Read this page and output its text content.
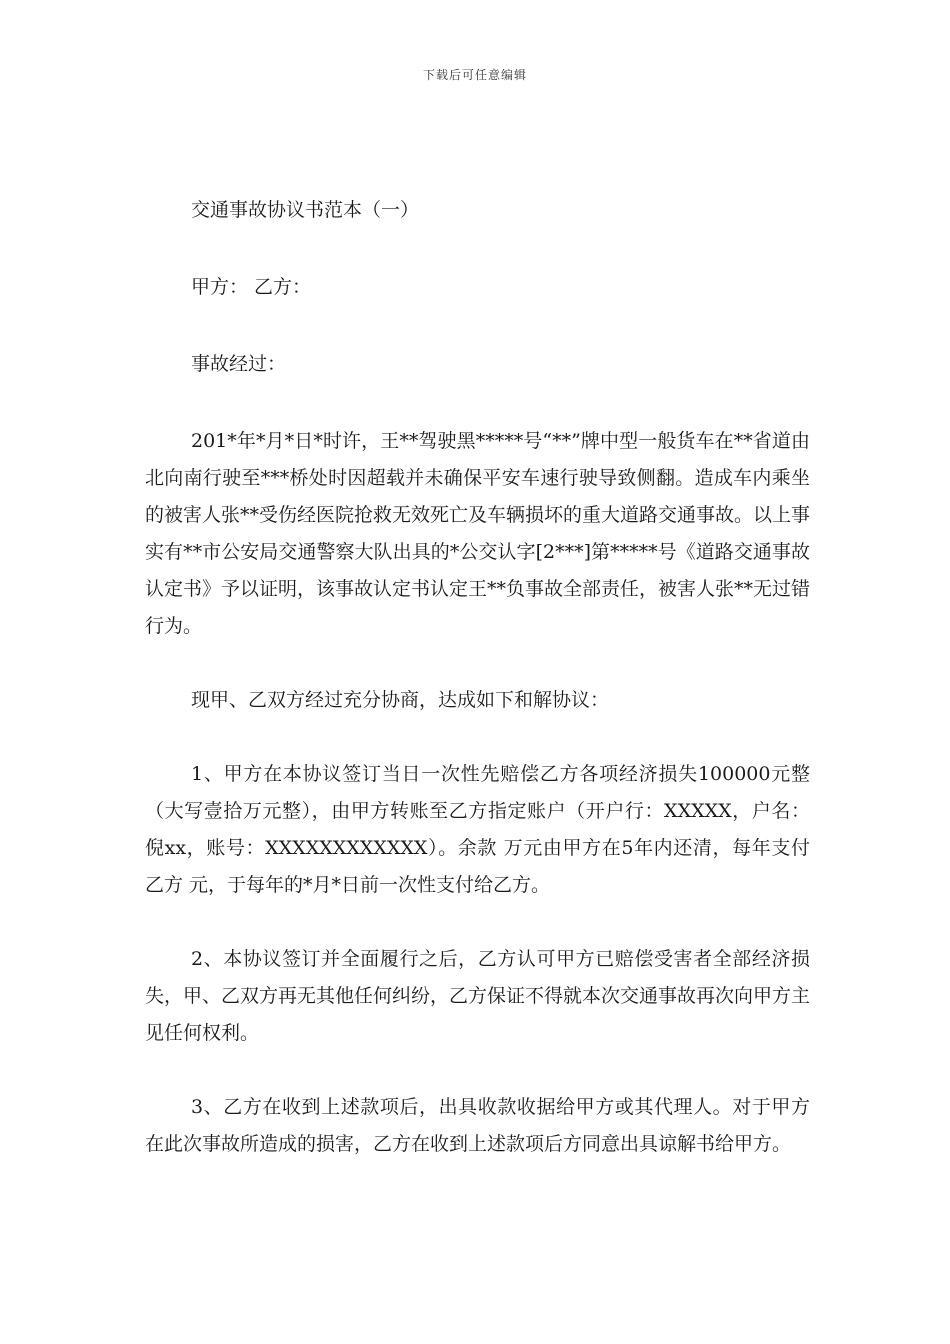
下载后可任意编辑

交通事故协议书范本（一）

甲方： 乙方：

事故经过：

201*年*月*日*时许，王**驾驶黑*****号“**”牌中型一般货车在**省道由北向南行驶至***桥处时因超载并未确保平安车速行驶导致侧翻。造成车内乘坐的被害人张**受伤经医院抢救无效死亡及车辆损坏的重大道路交通事故。以上事实有**市公安局交通警察大队出具的*公交认字[2***]第*****号《道路交通事故认定书》予以证明，该事故认定书认定王**负事故全部责任，被害人张**无过错行为。

现甲、乙双方经过充分协商，达成如下和解协议：

1、甲方在本协议签订当日一次性先赔偿乙方各项经济损失100000元整（大写壹拾万元整），由甲方转账至乙方指定账户（开户行：XXXXX，户名：倪xx，账号：XXXXXXXXXXXX）。余款 万元由甲方在5年内还清，每年支付乙方 元，于每年的*月*日前一次性支付给乙方。

2、本协议签订并全面履行之后，乙方认可甲方已赔偿受害者全部经济损失，甲、乙双方再无其他任何纠纷，乙方保证不得就本次交通事故再次向甲方主见任何权利。

3、乙方在收到上述款项后，出具收款收据给甲方或其代理人。对于甲方在此次事故所造成的损害，乙方在收到上述款项后方同意出具谅解书给甲方。
